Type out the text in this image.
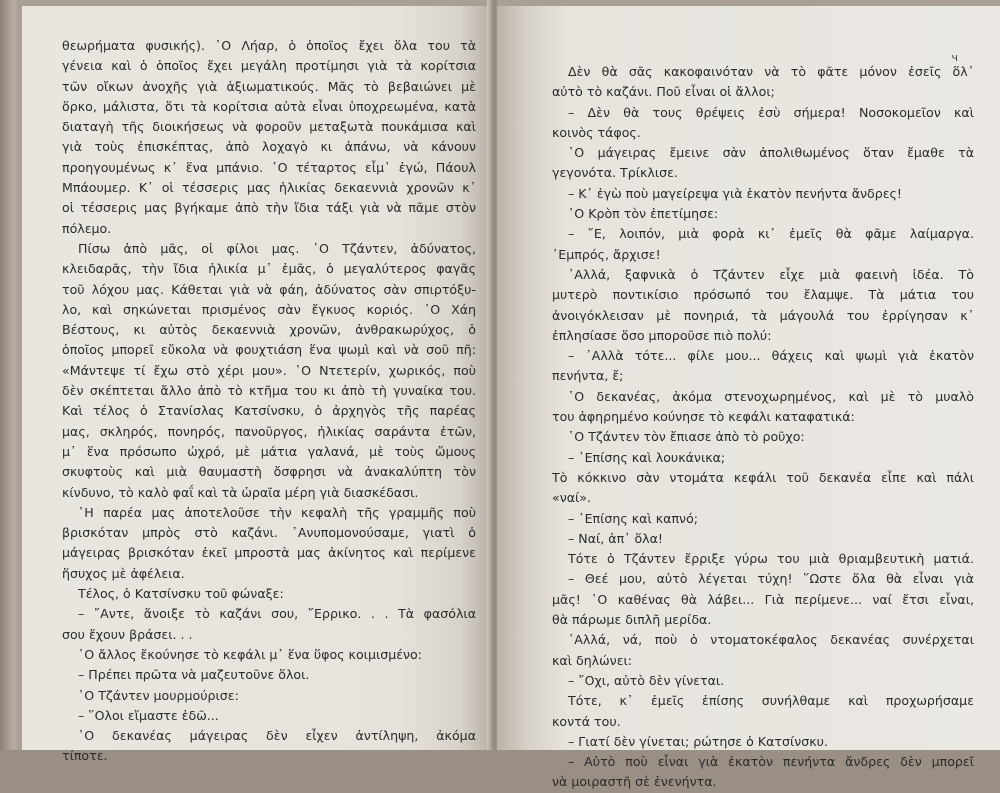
θεωρήματα φυσικής). ῾Ο Λήαρ, ὁ ὁποῖος ἔχει ὅλα του τὰ
γένεια καὶ ὁ ὁποῖος ἔχει μεγάλη προτίμησι γιὰ τὰ κορίτσια
τῶν οἴκων ἀνοχῆς γιὰ ἀξιωματικούς. Μᾶς τὸ βεβαιώνει μὲ
ὅρκο, μάλιστα, ὅτι τὰ κορίτσια αὐτὰ εἶναι ὑποχρεωμένα, κατὰ
διαταγὴ τῆς διοικήσεως νὰ φοροῦν μεταξωτὰ πουκάμισα καὶ
γιὰ τοὺς ἐπισκέπτας, ἀπὸ λοχαγὸ κι ἀπάνω, νὰ κάνουν
προηγουμένως κ᾿ ἕνα μπάνιο. ῾Ο τέταρτος εἶμ᾿ ἐγώ, Πάουλ
Μπάουμερ. Κ᾿ οἱ τέσσερις μας ἡλικίας δεκαεννιὰ χρονῶν κ᾿
οἱ τέσσερις μας βγήκαμε ἀπὸ τὴν ἴδια τάξι γιὰ νὰ πᾶμε στὸν
πόλεμο.
Πίσω ἀπὸ μᾶς, οἱ φίλοι μας. ῾Ο Τζάντεν, ἀδύνατος,
κλειδαρᾶς, τὴν ἴδια ἡλικία μ᾿ ἐμᾶς, ὁ μεγαλύτερος φαγᾶς
τοῦ λόχου μας. Κάθεται γιὰ νὰ φάη, ἀδύνατος σὰν σπιρτόξυ-
λο, καὶ σηκώνεται πρισμένος σὰν ἔγκυος κοριός. ῾Ο Χάη
Βέστους, κι αὐτὸς δεκαεννιὰ χρονῶν, ἀνθρακωρύχος, ὁ
ὁποῖος μπορεῖ εὔκολα νὰ φουχτιάση ἕνα ψωμὶ καὶ νὰ σοῦ πῆ:
«Μάντεψε τί ἔχω στὸ χέρι μου». ῾Ο Ντετερίν, χωρικός, ποὺ
δὲν σκέπτεται ἄλλο ἀπὸ τὸ κτῆμα του κι ἀπὸ τὴ γυναίκα του.
Καὶ τέλος ὁ Στανίσλας Κατσίνσκυ, ὁ ἀρχηγὸς τῆς παρέας
μας, σκληρός, πονηρός, πανοῦργος, ἡλικίας σαράντα ἐτῶν,
μ᾿ ἕνα πρόσωπο ὠχρό, μὲ μάτια γαλανά, μὲ τοὺς ὤμους
σκυφτοὺς καὶ μιὰ θαυμαστὴ ὄσφρησι νὰ ἀνακαλύπτη τὸν
κίνδυνο, τὸ καλὸ φαΐ καὶ τὰ ὡραῖα μέρη γιὰ διασκέδασι.
῾Η παρέα μας ἀποτελοῦσε τὴν κεφαλὴ τῆς γραμμῆς ποὺ
βρισκόταν μπρὸς στὸ καζάνι. ᾿Ανυπομονούσαμε, γιατὶ ὁ
μάγειρας βρισκόταν ἐκεῖ μπροστὰ μας ἀκίνητος καὶ περίμενε
ἥσυχος μὲ ἀφέλεια.
Τέλος, ὁ Κατσίνσκυ τοῦ φώναξε:
– ῎Αντε, ἄνοιξε τὸ καζάνι σου, ῎Ερρικο. . . Τὰ φασόλια
σου ἔχουν βράσει. . .
῾Ο ἄλλος ἔκούνησε τὸ κεφάλι μ᾿ ἕνα ὕφος κοιμισμένο:
– Πρέπει πρῶτα νὰ μαζευτοῦνε ὅλοι.
῾Ο Τζάντεν μουρμούρισε:
– ῞Ολοι εἴμαστε ἐδῶ...
῾Ο δεκανέας μάγειρας δὲν εἶχεν ἀντίληψη, ἀκόμα
τίποτε.
ч
Δὲν θὰ σᾶς κακοφαινόταν νὰ τὸ φᾶτε μόνον ἐσεῖς ὅλ᾿
αὐτὸ τὸ καζάνι. Ποῦ εἶναι οἱ ἄλλοι;
– Δὲν θὰ τους θρέψεις ἐσὺ σήμερα! Νοσοκομεῖον καὶ
κοινὸς τάφος.
῾Ο μάγειρας ἔμεινε σὰν ἀπολιθωμένος ὅταν ἔμαθε τὰ
γεγονότα. Τρίκλισε.
– Κ᾿ ἐγὼ ποὺ μαγείρεψα γιὰ ἑκατὸν πενήντα ἄνδρες!
῾Ο Κρὸπ τὸν ἐπετίμησε:
– ῎Ε, λοιπόν, μιὰ φορὰ κι᾿ ἐμεῖς θὰ φᾶμε λαίμαργα.
᾿Εμπρός, ἄρχισε!
᾿Αλλά, ξαφνικὰ ὁ Τζάντεν εἶχε μιὰ φαεινὴ ἰδέα. Τὸ
μυτερὸ ποντικίσιο πρόσωπό του ἔλαμψε. Τὰ μάτια του
ἀνοιγόκλεισαν μὲ πονηριά, τὰ μάγουλά του ἐρρίγησαν κ᾿
ἐπλησίασε ὅσο μποροῦσε πιὸ πολύ:
– ᾿Αλλὰ τότε... φίλε μου... θάχεις καὶ ψωμὶ γιὰ ἑκατὸν
πενήντα, ἔ;
῾Ο δεκανέας, ἀκόμα στενοχωρημένος, καὶ μὲ τὸ μυαλὸ
του ἀφηρημένο κούνησε τὸ κεφάλι καταφατικά:
῾Ο Τζάντεν τὸν ἔπιασε ἀπὸ τὸ ροῦχο:
– ᾿Επίσης καὶ λουκάνικα;
Τὸ κόκκινο σὰν ντομάτα κεφάλι τοῦ δεκανέα εἶπε καὶ πάλι
«ναί».
– ᾿Επίσης καὶ καπνό;
– Ναί, ἀπ᾿ ὅλα!
Τότε ὁ Τζάντεν ἔρριξε γύρω του μιὰ θριαμβευτικὴ ματιά.
– Θεέ μου, αὐτὸ λέγεται τύχη! ῞Ωστε ὅλα θὰ εἶναι γιὰ
μᾶς! ῾Ο καθένας θὰ λάβει... Γιὰ περίμενε... ναί ἔτσι εἶναι,
θὰ πάρωμε διπλῆ μερίδα.
᾿Αλλά, νά, ποὺ ὁ ντοματοκέφαλος δεκανέας συνέρχεται
καὶ δηλώνει:
– ῎Οχι, αὐτὸ δὲν γίνεται.
Τότε, κ᾿ ἐμεῖς ἐπίσης συνήλθαμε καὶ προχωρήσαμε
κοντά του.
– Γιατί δὲν γίνεται; ρώτησε ὁ Κατσίνσκυ.
– Αὐτὸ ποὺ εἶναι γιὰ ἑκατὸν πενήντα ἄνδρες δὲν μπορεῖ
νὰ μοιραστῆ σὲ ἐνενήντα.
